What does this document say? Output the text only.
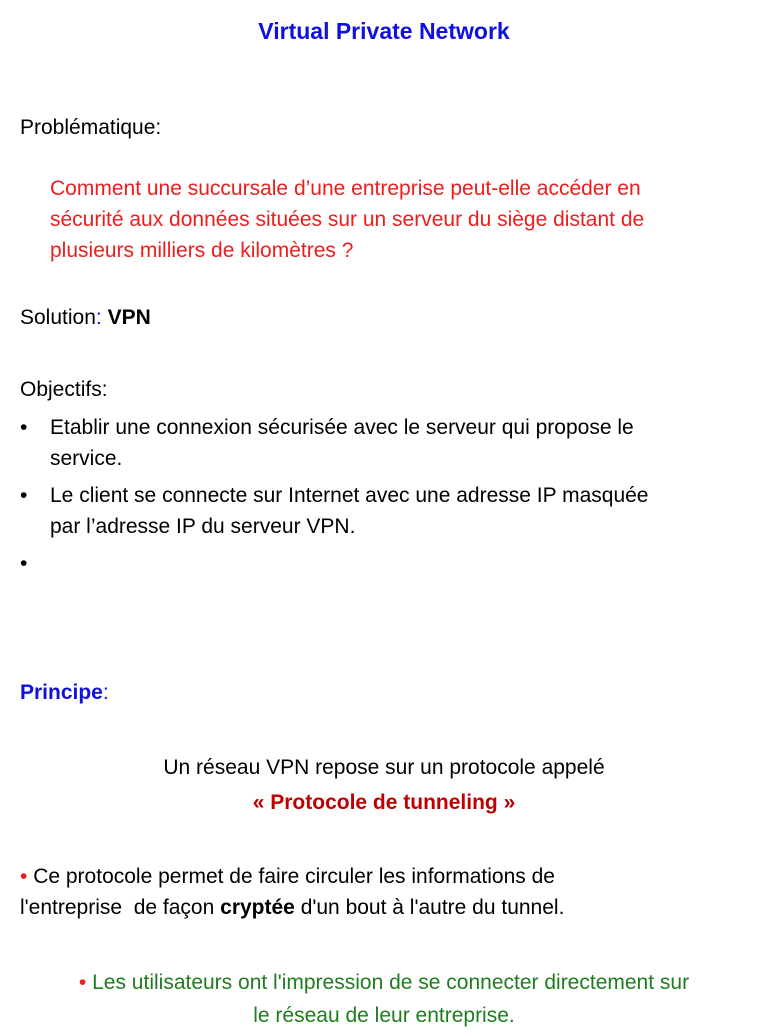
Virtual Private Network
Problématique:
Comment une succursale d’une entreprise peut-elle accéder en
sécurité aux données situées sur un serveur du siège distant de
plusieurs milliers de kilomètres ?
Solution: VPN
Objectifs:
• Etablir une connexion sécurisée avec le serveur qui propose le
service.
• Le client se connecte sur Internet avec une adresse IP masquée
par l’adresse IP du serveur VPN.
•
Principe:
Un réseau VPN repose sur un protocole appelé
« Protocole de tunneling »
• Ce protocole permet de faire circuler les informations de
l'entreprise  de façon cryptée d'un bout à l'autre du tunnel.
• Les utilisateurs ont l'impression de se connecter directement sur
le réseau de leur entreprise.
